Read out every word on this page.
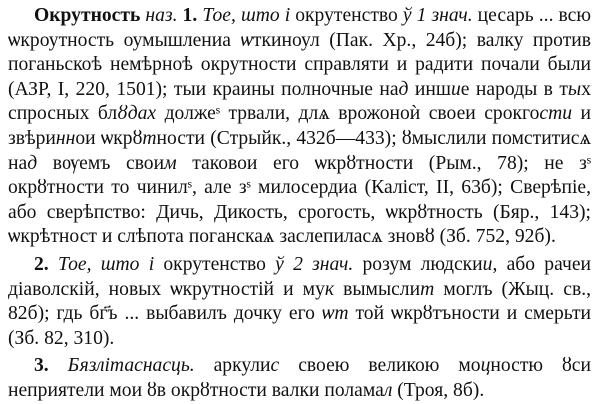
Окрутность наз. 1. Тое, што і окрутенство ў 1 знач. цесарь ... всю ѡкроутность оумышлениа ѡткиноул (Пак. Хр., 24б); валку против поганьскоѣ немѣрноѣ окрутности справляти и радити почали были (АЗР, I, 220, 1501); тыи краины полночные над иншие народы в тых спросных блȣдах должеˢ трвали, длѧ врожоноѝ своеи срокгости и звѣриннои ѡкрȣтности (Стрыйк., 432б—433); ȣмыслили помститисѧ над вѹемъ своим таковои его ѡкрȣтности (Рым., 78); не зˢ окрȣтности то чинилˢ, але зˢ милосердиа (Каліст, II, 63б); Сверѣпіе, або сверѣпство: Дичь, Дикость, срогость, ѡкрȣтность (Бяр., 143); ѡкрѣтност и слѣпота поганскаѧ заслепиласѧ зновȣ (Зб. 752, 92б).

2. Тое, што і окрутенство ў 2 знач. розум людскии, або рачеи діаволскій, новых ѡкрутностій и мук вымыслит моглъ (Жыц. св., 82б); гдь бг҃ъ ... выбавилъ дочку его ѡт той ѡкрȣтъности и смерьти (Зб. 82, 310).

3. Бязлітаснасць. аркулис своею великою моцностю ȣси неприятели мои ȣв окрȣтности валки поламал (Троя, 8б).
